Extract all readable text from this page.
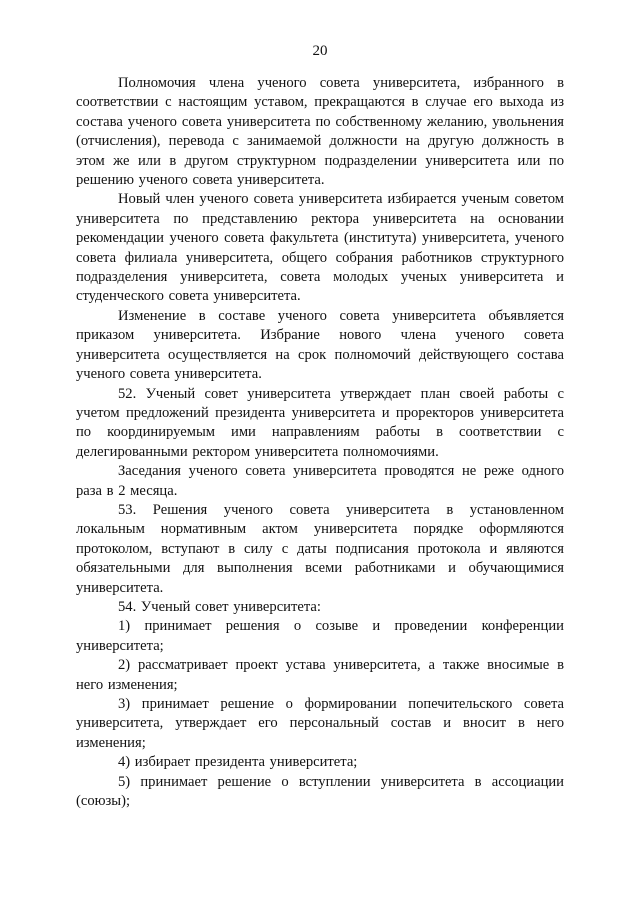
20

Полномочия члена ученого совета университета, избранного в соответствии с настоящим уставом, прекращаются в случае его выхода из состава ученого совета университета по собственному желанию, увольнения (отчисления), перевода с занимаемой должности на другую должность в этом же или в другом структурном подразделении университета или по решению ученого совета университета.

Новый член ученого совета университета избирается ученым советом университета по представлению ректора университета на основании рекомендации ученого совета факультета (института) университета, ученого совета филиала университета, общего собрания работников структурного подразделения университета, совета молодых ученых университета и студенческого совета университета.

Изменение в составе ученого совета университета объявляется приказом университета. Избрание нового члена ученого совета университета осуществляется на срок полномочий действующего состава ученого совета университета.

52. Ученый совет университета утверждает план своей работы с учетом предложений президента университета и проректоров университета по координируемым ими направлениям работы в соответствии с делегированными ректором университета полномочиями.

Заседания ученого совета университета проводятся не реже одного раза в 2 месяца.

53. Решения ученого совета университета в установленном локальным нормативным актом университета порядке оформляются протоколом, вступают в силу с даты подписания протокола и являются обязательными для выполнения всеми работниками и обучающимися университета.

54. Ученый совет университета:

1) принимает решения о созыве и проведении конференции университета;

2) рассматривает проект устава университета, а также вносимые в него изменения;

3) принимает решение о формировании попечительского совета университета, утверждает его персональный состав и вносит в него изменения;

4) избирает президента университета;

5) принимает решение о вступлении университета в ассоциации (союзы);
